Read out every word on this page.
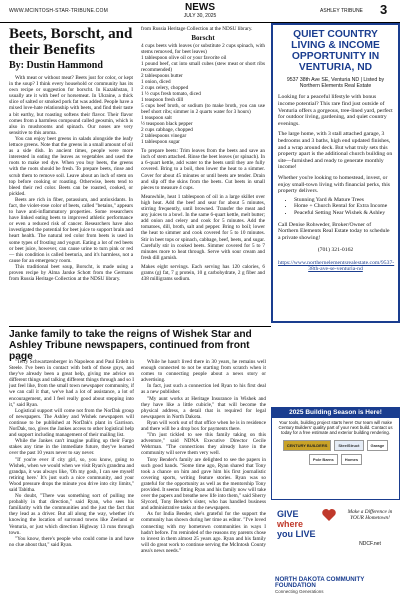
WWW.MCINTOSH-STAR-TRIBUNE.COM	NEWS
JULY 30, 2025
ASHLEY TRIBUNE 3
Beets, Borscht, and their Benefits
By: Dustin Hammond

With meat or without meat? Beets just for color, or kept in the soup? I think every household or community has its own recipe or suggestion for borscht. In Kazakhstan, I usually ate it with beef or horsemeat. In Ukraine, a thick slice of salted or smoked pork fat was added. People have a mixed love-hate relationship with beets, and find their taste a bit earthy, but roasting softens their flavor. Their flavor comes from a harmless compound called geosmin, which is also in mushrooms and spinach. Our noses are very sensitive to this aroma.

You can enjoy beet greens in salads alongside the leafy lettuce greens. Note that the greens in a small amount of oil as a side dish. In ancient times, people were more interested in eating the leaves as vegetables and used the roots to make red dye. When you buy beets, the greens with the roots should be fresh. To prepare beets, rinse and scrub them to remove soil. Leave about an inch of stem on top before cooking or roasting. Otherwise, beets tend to bleed their red color. Beets can be roasted, cooked, or pickled.

Beets are rich in fiber, potassium, and antioxidants. In fact, the violet-rose color of beets, called "betains," appears to have anti-inflammatory properties. Some researchers have linked eating beets to improved athletic performance or even a reduced risk of cancer. Researchers have also investigated the potential for beet juice to support brain and heart health. The natural red color from beets is used in some types of frosting and yogurt. Eating a lot of red beets or beet juice, however, can cause urine to turn pink or red — this condition is called beeturia, and it's harmless, not a cause for an emergency room.

This traditional beet soup, Borscht, is made using a proven recipe by Alma Jarske Schott from the Germans from Russia Heritage Collection at the NDSU library.

from Russia Heritage Collection at the NDSU library.
Borscht
4 cups beets with leaves (or substitute 2 cups spinach, with stems removed, for beet leaves)
1 tablespoon olive oil or your favorite oil
1 pound beef, cut into small cubes (stew meat or short ribs recommended)
2 tablespoons butter
1 onion, diced
2 cups celery, chopped
1 ½ cups fresh tomato, diced
1 teaspoon fresh dill
5 cups beef broth, or sodium (to make broth, you can use beef short ribs; simmer in 2 quarts water for 3 hours)
1 teaspoon salt
½ teaspoon black pepper
2 cups cabbage, chopped
2 tablespoons vinegar
1 tablespoon sugar

To prepare beets: Trim leaves from the beets and save an inch of stem attached. Rinse the beet leaves (or spinach). In a 6-quart kettle, add water to the beets until they are fully covered. Bring to a boil, then lower the heat to a simmer. Cover for about 45 minutes or until beets are tender. Drain and slip off the skins from the beets. Cut beets in small pieces to measure 4 cups.

Meanwhile, heat 1 tablespoon of oil in a large skillet over high heat. Add the beef and sear for about 5 minutes, stirring frequently, until browned. Transfer the meat and any juices to a bowl. In the same 6-quart kettle, melt butter; add onion and celery and cook for 5 minutes. Add the tomatoes, dill, broth, salt and pepper. Bring to boil; lower the heat to simmer and cook covered for 5 to 10 minutes. Stir in beet tops or spinach, cabbage, beef, beets, and sugar. Carefully stir in cooked beets. Simmer covered for 5 to 7 minutes more to heat through. Serve with sour cream and fresh dill garnish.

Makes eight servings. Each serving has 120 calories, 6 grams (g) fat, 7 g protein, 10 g carbohydrate, 2 g fiber and 438 milligrams sodium.

QUIET COUNTRY LIVING & INCOME OPPORTUNITY IN VENTURIA, ND
9537 38th Ave SE, Venturia ND | Listed by Northern Elements Real Estate
Looking for a peaceful lifestyle with bonus income potential? This rare find just outside of Venturia offers a gorgeous, tree-lined yard, perfect for outdoor living, gardening, and quiet country evenings.
The large home, with 3 stall attached garage, 3 bedrooms and 3 baths, high end updated finishes, and a wrap around deck. But what truly sets this property apart is the additional church building on site—furnished and ready to generate monthly income!
Whether you're looking to homestead, invest, or enjoy small-town living with financial perks, this property delivers.
• Stunning Yard & Mature Trees
• Home + Church Rental for Extra Income
• Peaceful Setting Near Wishek & Ashley
Call Denise Rohweder, Broker/Owner of Northern Elements Real Estate today to schedule a private showing!
(701) 321-0162
https://www.northernelementsrealestate.com/9537-38th-ave-se-venturia-nd
Janke family to take the reigns of Wishek Star and Ashley Tribune newspapers, continued from front page

"Terry Schwartzenberger in Napoleon and Paul Erdelt in Steele. I've been in contact with both of those guys, and they've already been a great help, giving me advice on different things and talking different things through and so I just feel like, from the small town newspaper community, if we can call it that, we've had a lot of assistance, a lot of encouragement, and I feel really good about stepping into it," said Ryan.

Logistical support will come not from the NorDak group of newspapers. The Ashley and Wishek newspapers will continue to be published at NorDak's plant in Garrison. NorDak, too, gives the Jankes access to other logistical help and support including management of their mailing list.

While the Jankes can't imagine pulling up their Fargo stakes any time in the immediate future, they've learned over the past 10 years never to say never.

"If you're ever if city girl, so, you know, going to Wishek, when we would when we visit Ryan's grandma and grandpa, it was always like, 'Oh my gosh, I can see myself retiring here.' It's just such a nice community, and your Wood pressure drops the minute you drive into city limits," said Tabitha.

No doubt, "There was something sort of pulling me probably in that direction," said Ryan, who sees his familiarity with the communities and the just the fact that they lead as a driver. But all along the way, whether it's knowing the location of surround towns like Zeeland or Venturia, or just which direction Highway 13 runs through town.

"You know, there's people who could come in and have no clue about that," said Ryan.

While he hasn't lived there in 30 years, he remains well enough connected to not be starting from scratch when it comes to connecting people about a news story or advertising.

In fact, just such a connection led Ryan to his first deal as a new publisher.

"My aunt works at Heritage Insurance in Wishek and they have like a little cubicle," that will become the physical address, a detail that is required for legal newspapers in North Dakota.

Ryan will work out of that office when he is in residence and there will be a drop box for payments there.

"I'm just tickled to see this family taking on this adventure," said NDNA Executive Director Cecile Wehrman. "The connections they already have in the community will serve them very well.

Tony Bender's family are delighted to see the papers in such good hands. "Some time ago, Ryan shared that Tony took a chance on him and gave him his first journalistic covering sports, writing feature stories. Ryan was so grateful for the opportunity as well as the mentorship Tony provided. It seems fitting Ryan and his family now will take over the papers and breathe new life into them," said Sherry Slycord, Tony Bender's sister, who has handled business and administrative tasks at the newspapers.

As for India Bender, she's grateful for the support the community has shown during her time as editor. "I've loved connecting with my hometown communities in ways I hadn't before. I'm reminded of the reasons my parents chose to invest in them almost 25 years ago. Ryan and his family will do great work to continue serving the McIntosh County area's news needs."

2025 Building Season is Here!
Your tools, building project starts here! Our team will make Century Builders' quality part of your next build. Contact us today for a free estimate and exterior building rendering.
CENTURY BUILDERS	SteelStruct	Garage
Pole Barns	Homes
GIVE
where
you LIVE
Make a Difference in YOUR Hometown!
NDCF.net
NORTH DAKOTA COMMUNITY FOUNDATION
Connecting Generations
